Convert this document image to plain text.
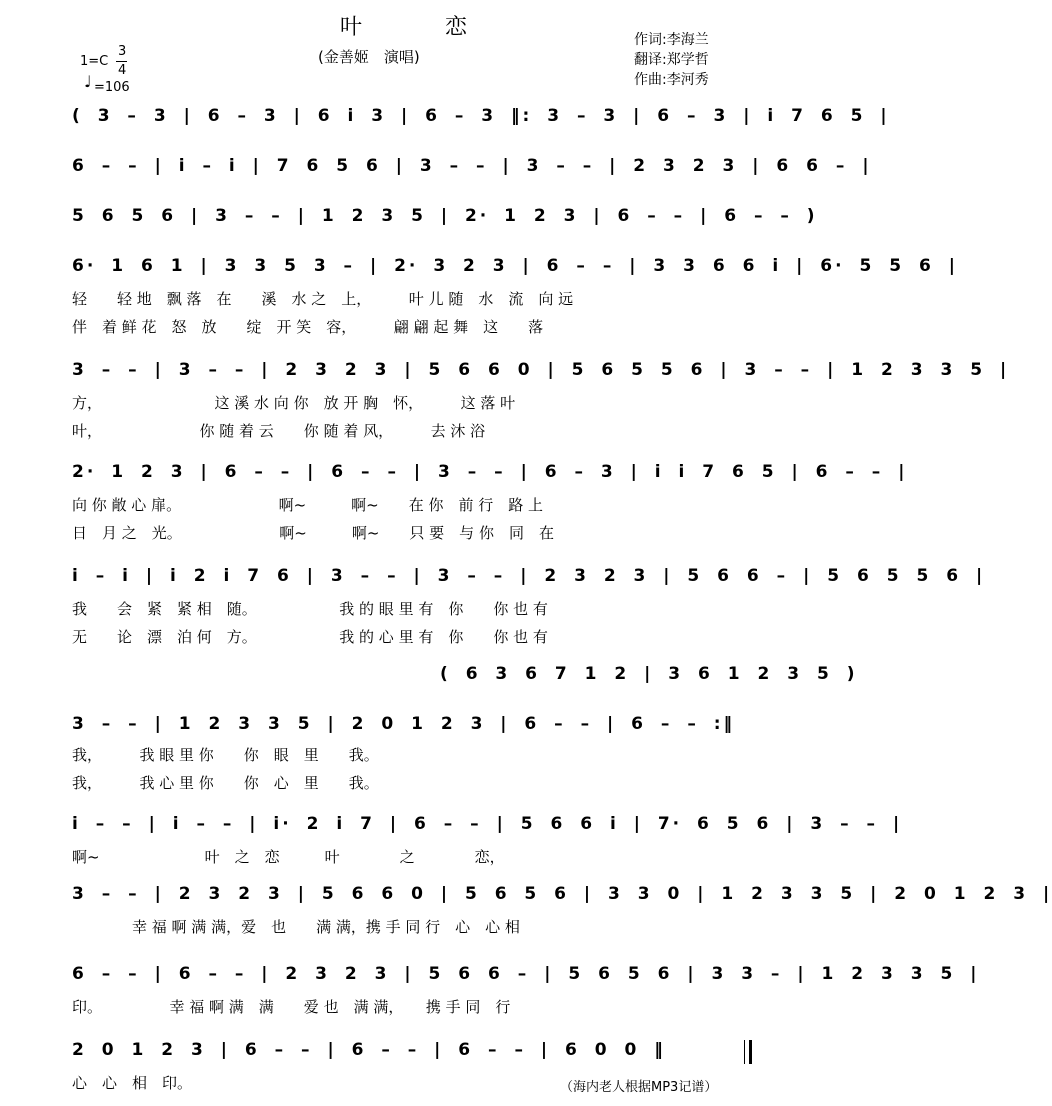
叶 恋
(金善姬　演唱)
作词:李海兰
翻译:郑学哲
作曲:李河秀
1=C
3
4
♩ =106
( 3 – 3 | 6 – 3 | 6 i 3 | 6 – 3 ‖: 3 – 3 | 6 – 3 | i 7 6 5 |
6 – – | i – i | 7 6 5 6 | 3 – – | 3 – – | 2 3 2 3 | 6 6 – |
5 6 5 6 | 3 – – | 1 2 3 5 | 2· 1 2 3 | 6 – – | 6 – – )
6· 1 6 1 | 3 3 5 3 – | 2· 3 2 3 | 6 – – | 3 3 6 6 i | 6· 5 5 6 |
轻　　轻 地　飘 落　在　　溪　水 之　上，　　　叶 儿 随　水　流　向 远
伴　着 鲜 花　怒　放　　绽　开 笑　容，　　　翩 翩 起 舞　这　　落
3 – – | 3 – – | 2 3 2 3 | 5 6 6 0 | 5 6 5 5 6 | 3 – – | 1 2 3 3 5 |
方，　　　　　　　　这 溪 水 向 你　放 开 胸　怀，　　　这 落 叶
叶，　　　　　　　你 随 着 云　　你 随 着 风，　　　去 沐 浴
2· 1 2 3 | 6 – – | 6 – – | 3 – – | 6 – 3 | i i 7 6 5 | 6 – – |
向 你 敞 心 扉。　　　　　　　啊~　　　啊~　　在 你　前 行　路 上
日　月 之　光。　　　　　　　啊~　　　啊~　　只 要　与 你　同　在
i – i | i 2 i 7 6 | 3 – – | 3 – – | 2 3 2 3 | 5 6 6 – | 5 6 5 5 6 |
我　　会　紧　紧 相　随。　　　　　　我 的 眼 里 有　你　　你 也 有
无　　论　漂　泊 何　方。　　　　　　我 的 心 里 有　你　　你 也 有
( 6 3 6 7 1 2 | 3 6 1 2 3 5 )
3 – – | 1 2 3 3 5 | 2 0 1 2 3 | 6 – – | 6 – – :‖
我，　　　我 眼 里 你　　你　眼　里　　我。
我，　　　我 心 里 你　　你　心　里　　我。
i – – | i – – | i· 2 i 7 | 6 – – | 5 6 6 i | 7· 6 5 6 | 3 – – |
啊~　　　　　　　叶　之　恋　　　叶　　　　之　　　　恋，
3 – – | 2 3 2 3 | 5 6 6 0 | 5 6 5 6 | 3 3 0 | 1 2 3 3 5 | 2 0 1 2 3 |
　　　　幸 福 啊 满 满，爱　也　　满 满，携 手 同 行　心　心 相
6 – – | 6 – – | 2 3 2 3 | 5 6 6 – | 5 6 5 6 | 3 3 – | 1 2 3 3 5 |
印。　　　　　幸 福 啊 满　满　　爱 也　满 满，　　携 手 同　行
2 0 1 2 3 | 6 – – | 6 – – | 6 – – | 6 0 0 ‖
心　心　相　印。	（海内老人根据MP3记谱）
